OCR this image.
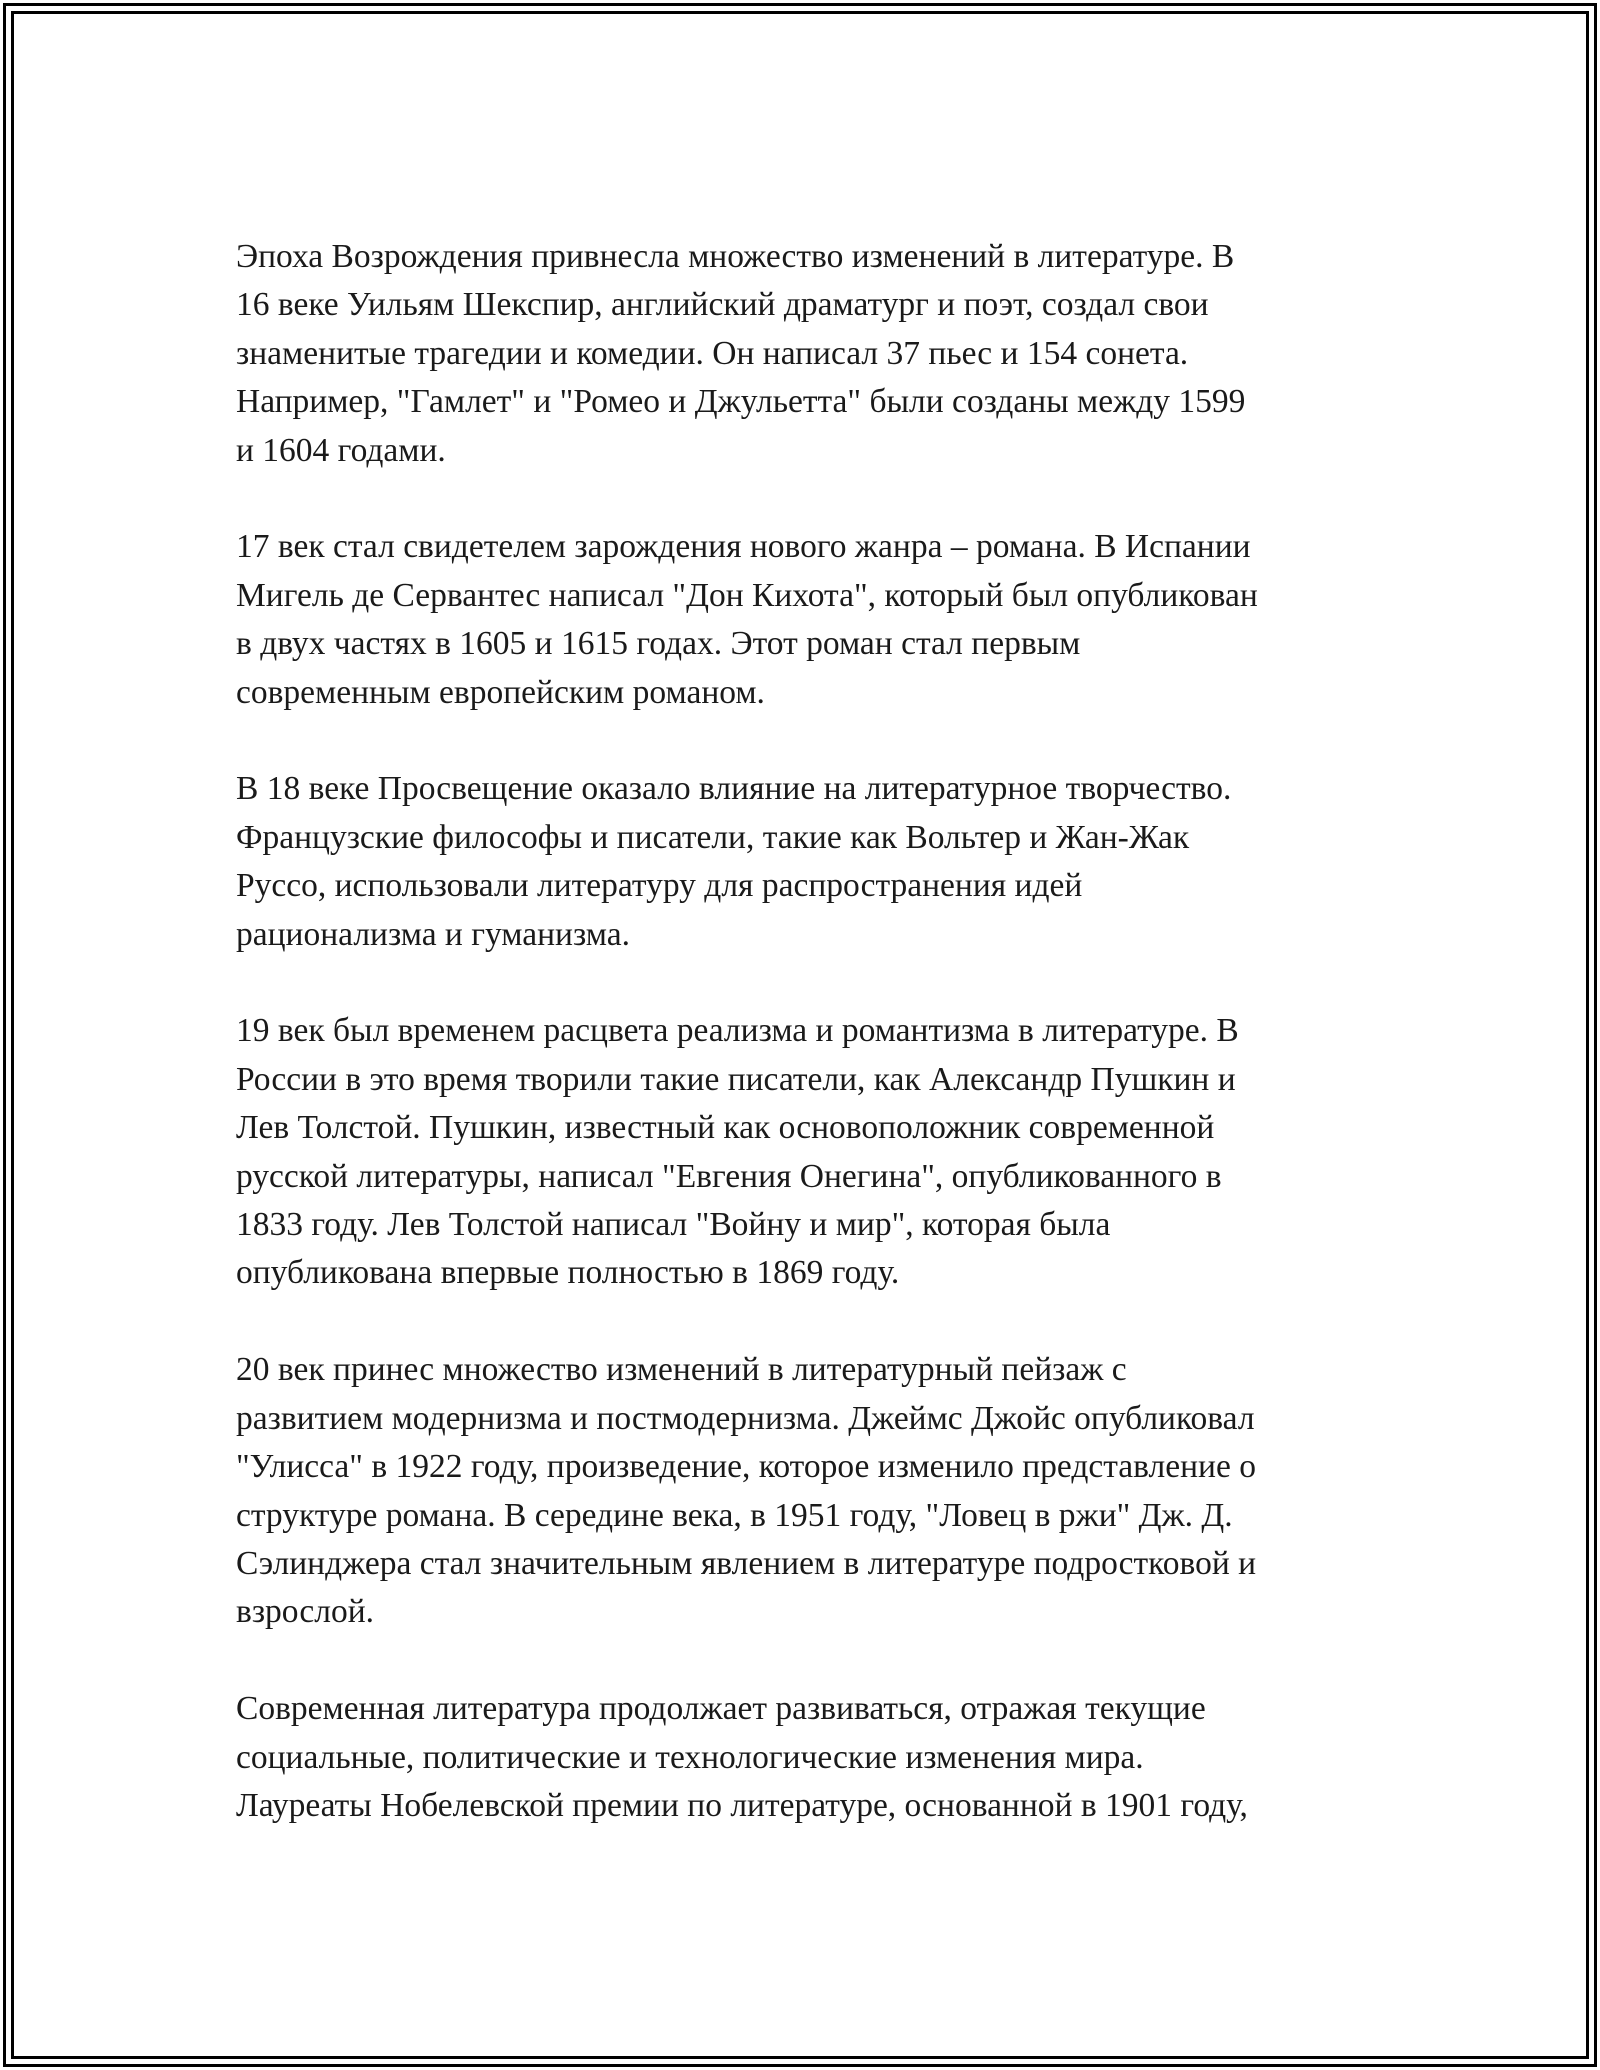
Эпоха Возрождения привнесла множество изменений в литературе. В
16 веке Уильям Шекспир, английский драматург и поэт, создал свои
знаменитые трагедии и комедии. Он написал 37 пьес и 154 сонета.
Например, "Гамлет" и "Ромео и Джульетта" были созданы между 1599
и 1604 годами.

17 век стал свидетелем зарождения нового жанра – романа. В Испании
Мигель де Сервантес написал "Дон Кихота", который был опубликован
в двух частях в 1605 и 1615 годах. Этот роман стал первым
современным европейским романом.

В 18 веке Просвещение оказало влияние на литературное творчество.
Французские философы и писатели, такие как Вольтер и Жан-Жак
Руссо, использовали литературу для распространения идей
рационализма и гуманизма.

19 век был временем расцвета реализма и романтизма в литературе. В
России в это время творили такие писатели, как Александр Пушкин и
Лев Толстой. Пушкин, известный как основоположник современной
русской литературы, написал "Евгения Онегина", опубликованного в
1833 году. Лев Толстой написал "Войну и мир", которая была
опубликована впервые полностью в 1869 году.

20 век принес множество изменений в литературный пейзаж с
развитием модернизма и постмодернизма. Джеймс Джойс опубликовал
"Улисса" в 1922 году, произведение, которое изменило представление о
структуре романа. В середине века, в 1951 году, "Ловец в ржи" Дж. Д.
Сэлинджера стал значительным явлением в литературе подростковой и
взрослой.

Современная литература продолжает развиваться, отражая текущие
социальные, политические и технологические изменения мира.
Лауреаты Нобелевской премии по литературе, основанной в 1901 году,
